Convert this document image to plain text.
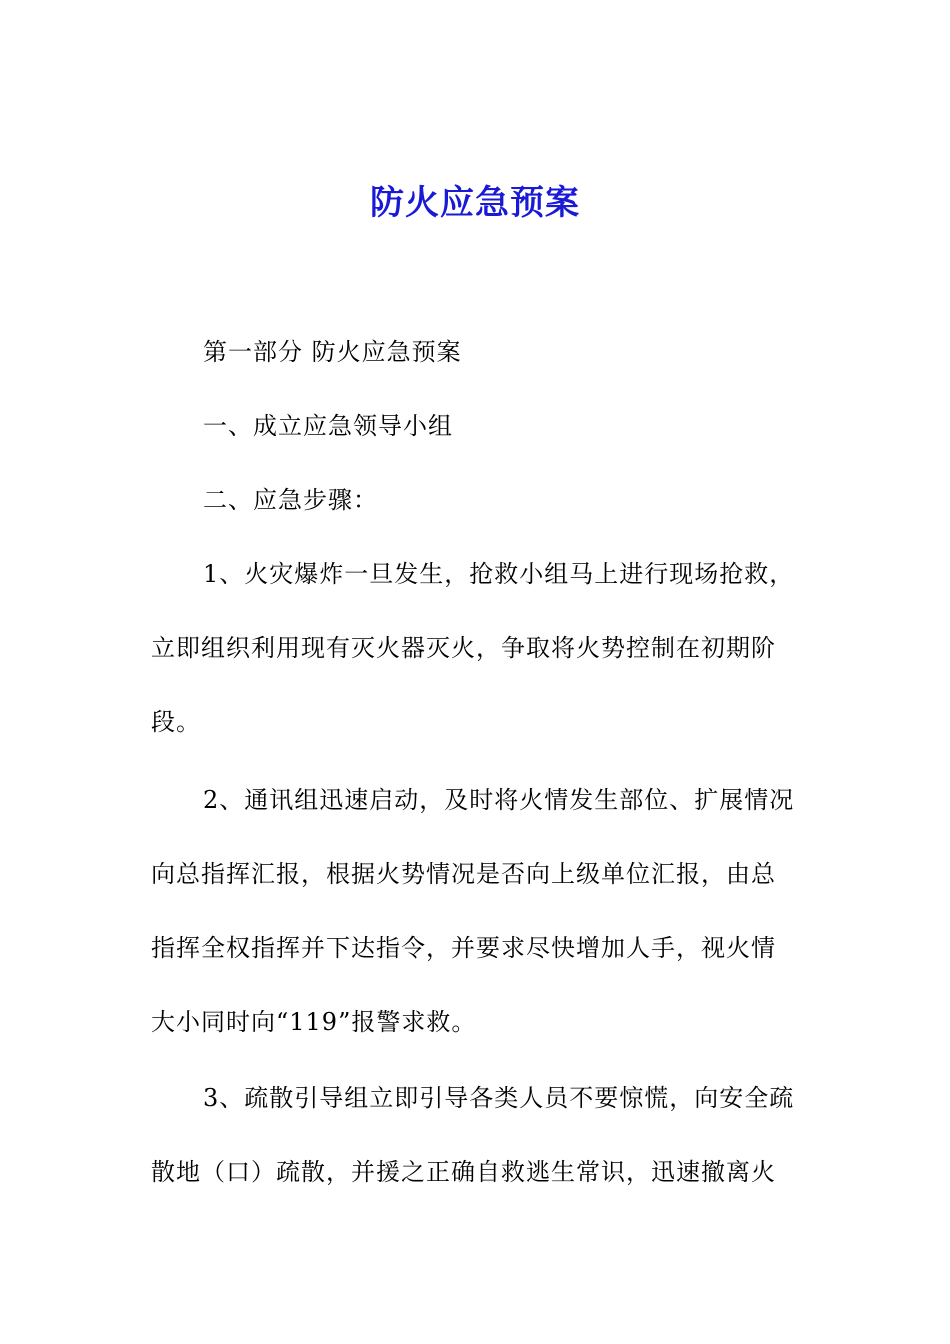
防火应急预案
第一部分 防火应急预案
一、成立应急领导小组
二、应急步骤：
1、火灾爆炸一旦发生，抢救小组马上进行现场抢救，
立即组织利用现有灭火器灭火，争取将火势控制在初期阶
段。
2、通讯组迅速启动，及时将火情发生部位、扩展情况
向总指挥汇报，根据火势情况是否向上级单位汇报，由总
指挥全权指挥并下达指令，并要求尽快增加人手，视火情
大小同时向“119”报警求救。
3、疏散引导组立即引导各类人员不要惊慌，向安全疏
散地（口）疏散，并援之正确自救逃生常识，迅速撤离火
